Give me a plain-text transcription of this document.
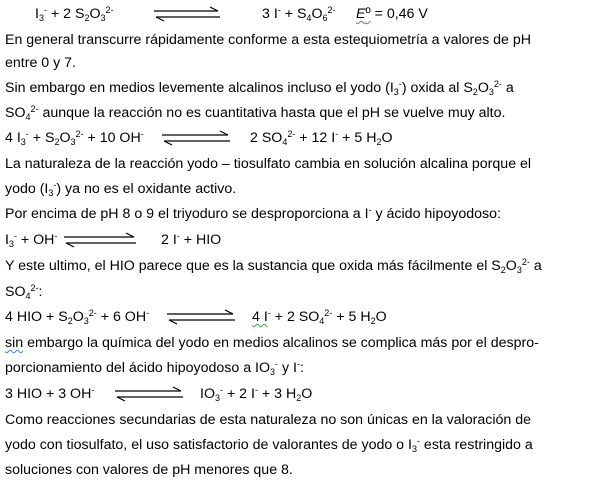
$I_3^- + 2$ $S_2O_3^{2-}$	3 $I^- + S_4O_6^{2-}$ Eº = 0,46 V
En general transcurre rápidamente conforme a esta estequiometría a valores de pH
entre 0 y 7.
Sin embargo en medios levemente alcalinos incluso el yodo $(I_3^-)$ oxida al $S_2O_3^{2-}$ a
$SO_4^{2-}$ aunque la reacción no es cuantitativa hasta que el pH se vuelve muy alto.
4 $I_3^- + S_2O_3^{2-} + 10$ OH-	2 $SO_4^{2-} + 12$ I- + 5 $H_2O$
La naturaleza de la reacción yodo – tiosulfato cambia en solución alcalina porque el
yodo $(I_3^-)$ ya no es el oxidante activo.
Por encima de pH 8 o 9 el triyoduro se desproporciona a I- y ácido hipoyodoso:
$I_3^- + OH^-$	2 I- + HIO
Y este ultimo, el HIO parece que es la sustancia que oxida más fácilmente el $S_2O_3^{2-}$ a
$SO_4^{2-}$:
4 HIO + $S_2O_3^{2-} + 6$ OH-	4 I- + 2 $SO_4^{2-} + 5$ $H_2O$
sin embargo la química del yodo en medios alcalinos se complica más por el despro-
porcionamiento del ácido hipoyodoso a $IO_3^-$ y I-:
3 HIO + 3 OH-	$IO_3^- + 2$ I- + 3 $H_2O$
Como reacciones secundarias de esta naturaleza no son únicas en la valoración de
yodo con tiosulfato, el uso satisfactorio de valorantes de yodo o $I_3^-$ esta restringido a
soluciones con valores de pH menores que 8.
